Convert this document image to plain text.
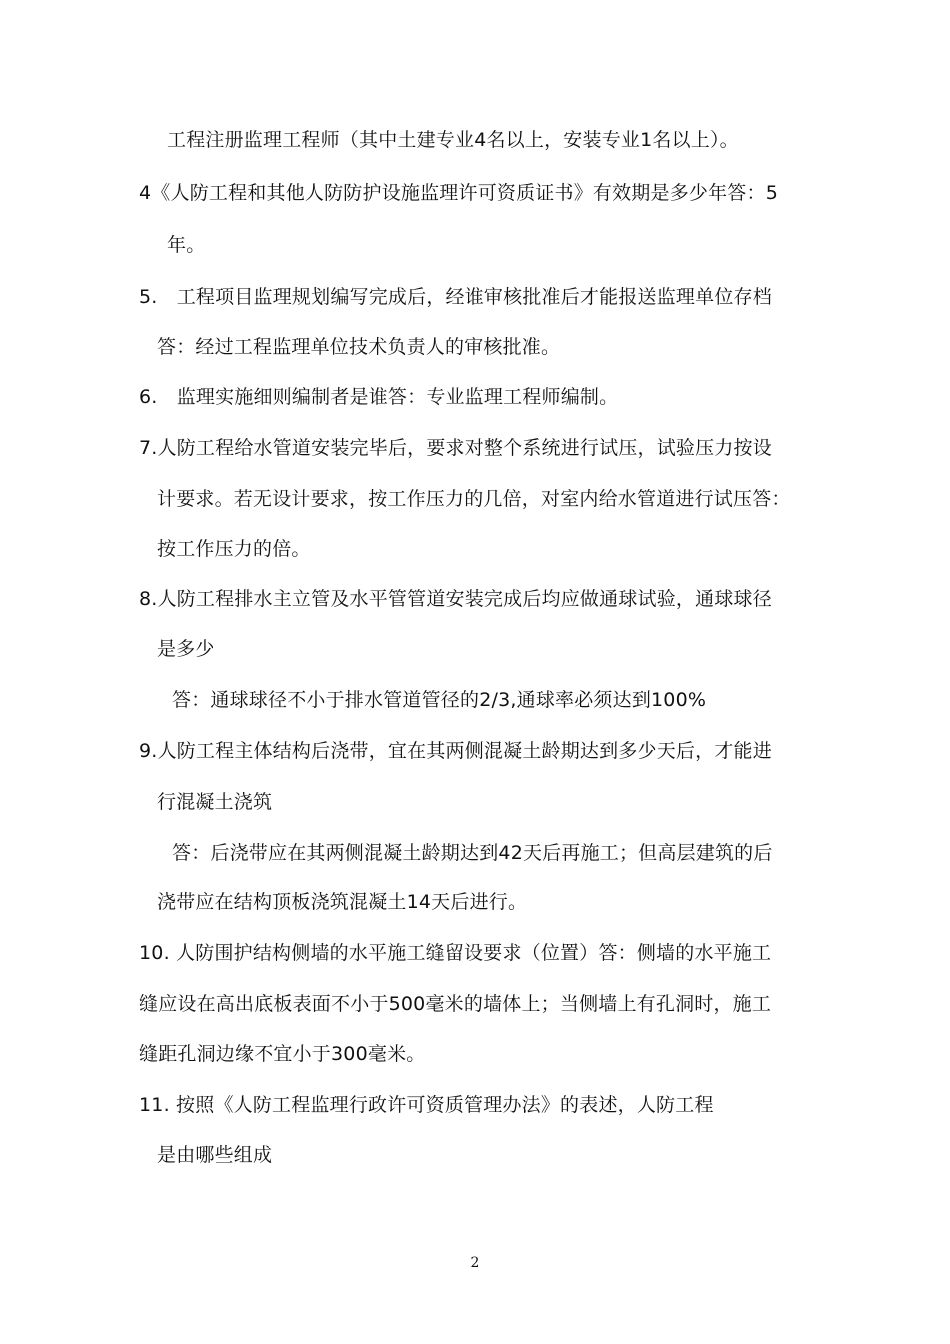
工程注册监理工程师（其中土建专业4名以上，安装专业1名以上）。
4《人防工程和其他人防防护设施监理许可资质证书》有效期是多少年答：5
年。
5.　工程项目监理规划编写完成后，经谁审核批准后才能报送监理单位存档
答：经过工程监理单位技术负责人的审核批准。
6.　监理实施细则编制者是谁答：专业监理工程师编制。
7.人防工程给水管道安装完毕后，要求对整个系统进行试压，试验压力按设
计要求。若无设计要求，按工作压力的几倍，对室内给水管道进行试压答：
按工作压力的倍。
8.人防工程排水主立管及水平管管道安装完成后均应做通球试验，通球球径
是多少
答：通球球径不小于排水管道管径的2/3,通球率必须达到100%
9.人防工程主体结构后浇带，宜在其两侧混凝土龄期达到多少天后，才能进
行混凝土浇筑
答：后浇带应在其两侧混凝土龄期达到42天后再施工；但高层建筑的后
浇带应在结构顶板浇筑混凝土14天后进行。
10. 人防围护结构侧墙的水平施工缝留设要求（位置）答：侧墙的水平施工
缝应设在高出底板表面不小于500毫米的墙体上；当侧墙上有孔洞时，施工
缝距孔洞边缘不宜小于300毫米。
11. 按照《人防工程监理行政许可资质管理办法》的表述，人防工程
是由哪些组成
2
